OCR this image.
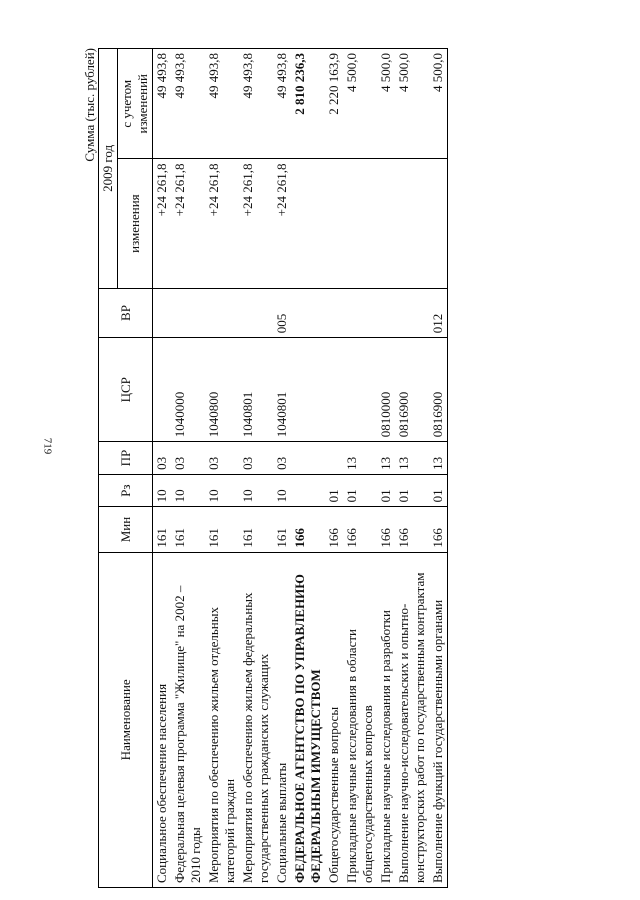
719
Сумма (тыс. рублей)
Наименование	Мин	Рз	ПР	ЦСР	ВР	2009 год	
						изменения	с учетом изменений
Социальное обеспечение населения	161	10	03			+24 261,8	49 493,8
Федеральная целевая программа "Жилище" на 2002 – 2010 годы	161	10	03	1040000		+24 261,8	49 493,8
Мероприятия по обеспечению жильем отдельных категорий граждан	161	10	03	1040800		+24 261,8	49 493,8
Мероприятия по обеспечению жильем федеральных государственных гражданских служащих	161	10	03	1040801		+24 261,8	49 493,8
Социальные выплаты	161	10	03	1040801	005	+24 261,8	49 493,8
ФЕДЕРАЛЬНОЕ АГЕНТСТВО ПО УПРАВЛЕНИЮ ФЕДЕРАЛЬНЫМ ИМУЩЕСТВОМ	166						2 810 236,3
Общегосударственные вопросы	166	01					2 220 163,9
Прикладные научные исследования в области общегосударственных вопросов	166	01	13				4 500,0
Прикладные научные исследования и разработки	166	01	13	0810000			4 500,0
Выполнение научно-исследовательских и опытно-конструкторских работ по государственным контрактам	166	01	13	0816900			4 500,0
Выполнение функций государственными органами	166	01	13	0816900	012		4 500,0
